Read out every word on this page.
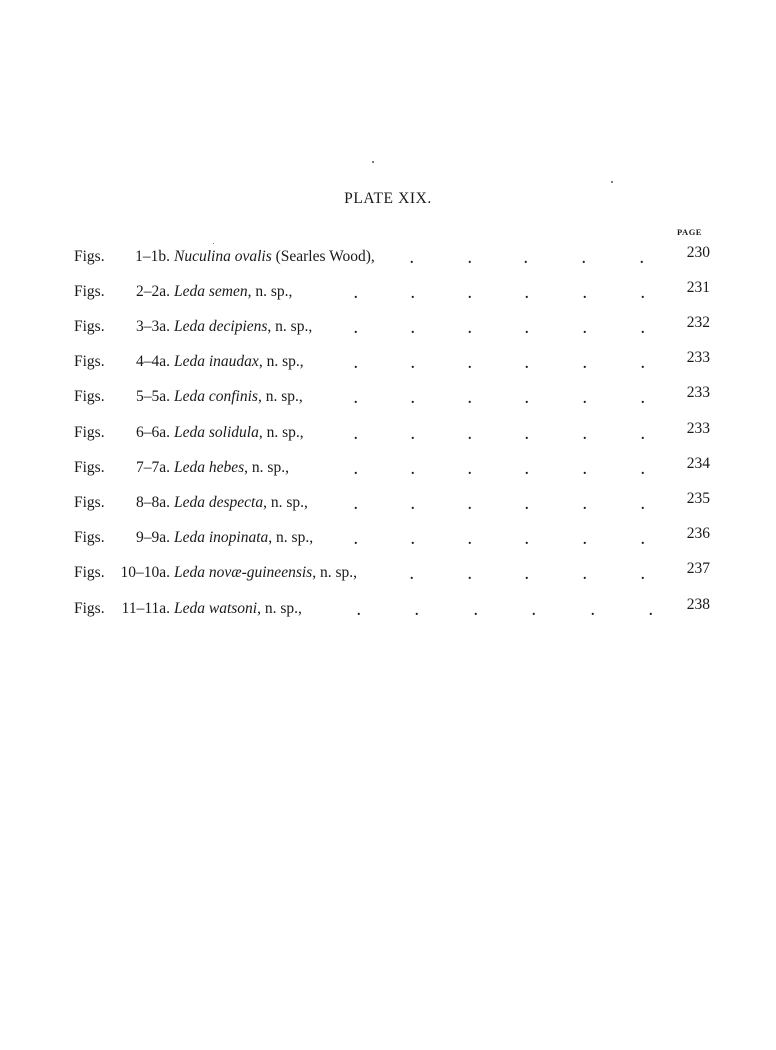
PLATE XIX.
PAGE
Figs.	1–1b. Nuculina ovalis (Searles Wood),	.	.	.	.	.	230
Figs.	2–2a. Leda semen, n. sp.,	.	.	.	.	.	.	231
Figs.	3–3a. Leda decipiens, n. sp.,	.	.	.	.	.	.	232
Figs.	4–4a. Leda inaudax, n. sp.,	.	.	.	.	.	.	233
Figs.	5–5a. Leda confinis, n. sp.,	.	.	.	.	.	.	233
Figs.	6–6a. Leda solidula, n. sp.,	.	.	.	.	.	.	233
Figs.	7–7a. Leda hebes, n. sp.,	.	.	.	.	.	.	234
Figs.	8–8a. Leda despecta, n. sp.,	.	.	.	.	.	.	235
Figs.	9–9a. Leda inopinata, n. sp.,	.	.	.	.	.	.	236
Figs.	10–10a. Leda novæ-guineensis, n. sp.,	.	.	.	.	.	237
Figs.	11–11a. Leda watsoni, n. sp.,	.	.	.	.	.	.	238
